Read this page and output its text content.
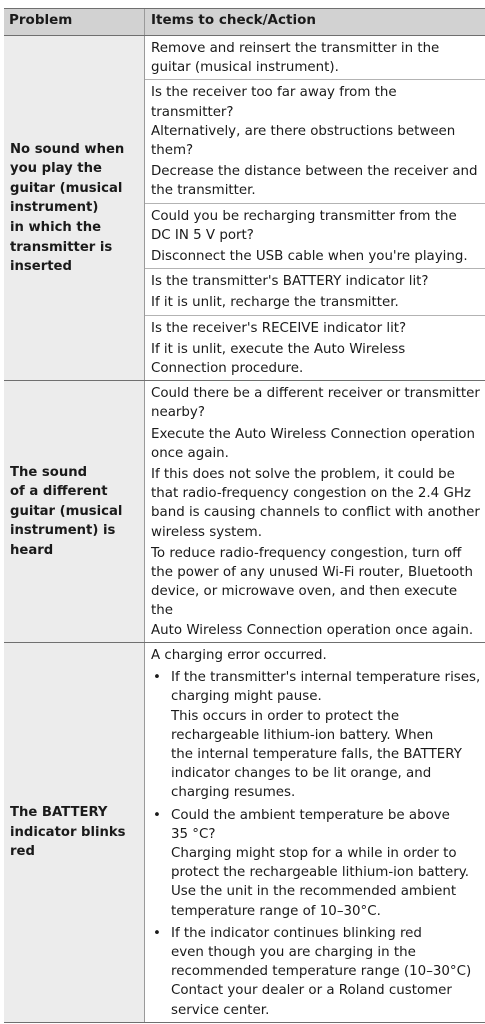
Problem	Items to check/Action
No sound when
you play the
guitar (musical
instrument)
in which the
transmitter is
inserted

Remove and reinsert the transmitter in the
guitar (musical instrument).

Is the receiver too far away from the transmitter?
Alternatively, are there obstructions between
them?

Decrease the distance between the receiver and
the transmitter.

Could you be recharging transmitter from the
DC IN 5 V port?

Disconnect the USB cable when you're playing.

Is the transmitter's BATTERY indicator lit?

If it is unlit, recharge the transmitter.

Is the receiver's RECEIVE indicator lit?

If it is unlit, execute the Auto Wireless
Connection procedure.

The sound
of a different
guitar (musical
instrument) is heard

Could there be a different receiver or transmitter
nearby?

Execute the Auto Wireless Connection operation
once again.

If this does not solve the problem, it could be
that radio-frequency congestion on the 2.4 GHz
band is causing channels to conflict with another
wireless system.

To reduce radio-frequency congestion, turn off
the power of any unused Wi-Fi router, Bluetooth
device, or microwave oven, and then execute the
Auto Wireless Connection operation once again.

The BATTERY
indicator blinks
red

A charging error occurred.

• If the transmitter's internal temperature rises,
charging might pause.
This occurs in order to protect the
rechargeable lithium-ion battery. When
the internal temperature falls, the BATTERY
indicator changes to be lit orange, and
charging resumes.
• Could the ambient temperature be above
35 °C?
Charging might stop for a while in order to
protect the rechargeable lithium-ion battery.
Use the unit in the recommended ambient
temperature range of 10–30°C.
• If the indicator continues blinking red
even though you are charging in the
recommended temperature range (10–30°C)
Contact your dealer or a Roland customer
service center.
